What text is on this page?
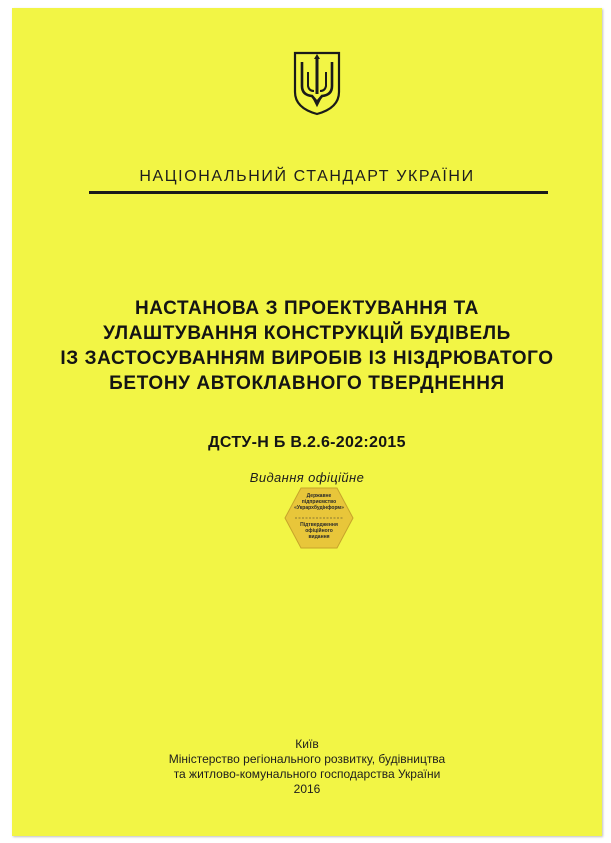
НАЦІОНАЛЬНИЙ СТАНДАРТ УКРАЇНИ
НАСТАНОВА З ПРОЕКТУВАННЯ ТА
УЛАШТУВАННЯ КОНСТРУКЦІЙ БУДІВЕЛЬ
ІЗ ЗАСТОСУВАННЯМ ВИРОБІВ ІЗ НІЗДРЮВАТОГО
БЕТОНУ АВТОКЛАВНОГО ТВЕРДНЕННЯ
ДСТУ-Н Б В.2.6-202:2015
Видання офіційне
Державне
підприємство
«Укрархбудінформ»
Підтвердження
офіційного
видання
Київ
Міністерство регіонального розвитку, будівництва
та житлово-комунального господарства України
2016
